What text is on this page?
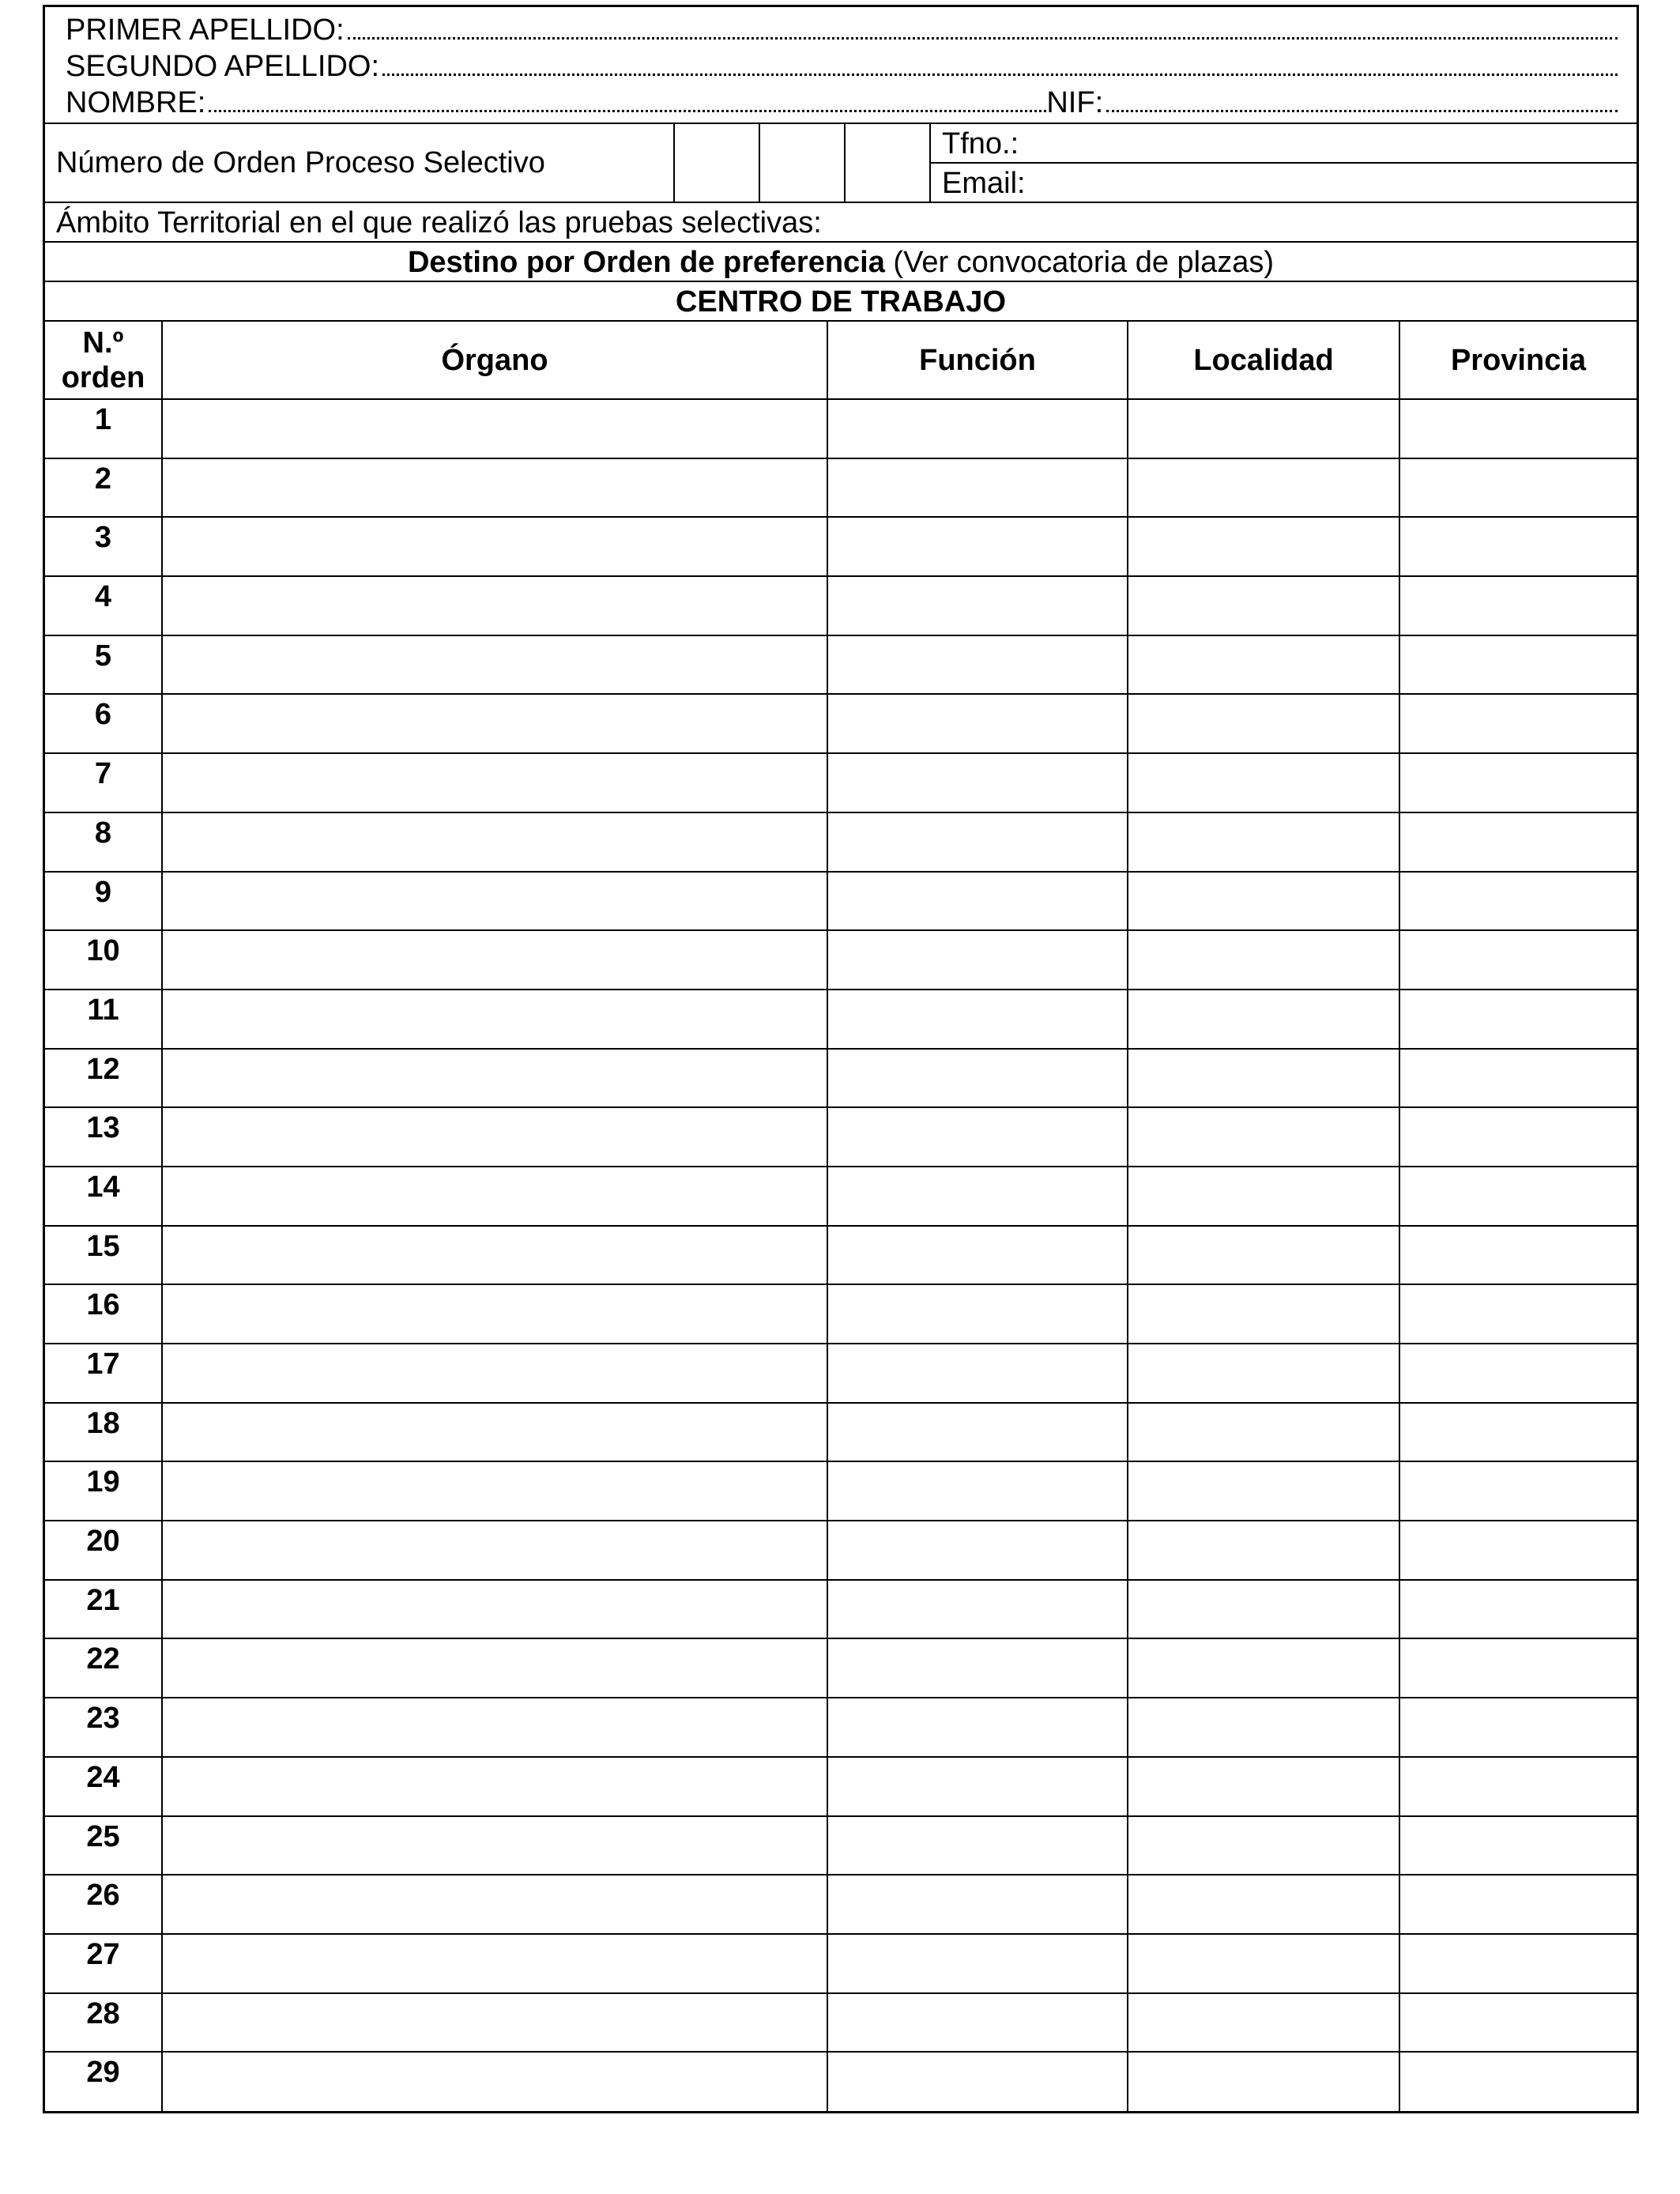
PRIMER APELLIDO:
SEGUNDO APELLIDO:
NOMBRE:	NIF:
Número de Orden Proceso Selectivo
Tfno.:
Email:
Ámbito Territorial en el que realizó las pruebas selectivas:
Destino por Orden de preferencia (Ver convocatoria de plazas)
CENTRO DE TRABAJO
N.º orden	Órgano	Función	Localidad	Provincia
1				
2				
3				
4				
5				
6				
7				
8				
9				
10				
11				
12				
13				
14				
15				
16				
17				
18				
19				
20				
21				
22				
23				
24				
25				
26				
27				
28				
29				
